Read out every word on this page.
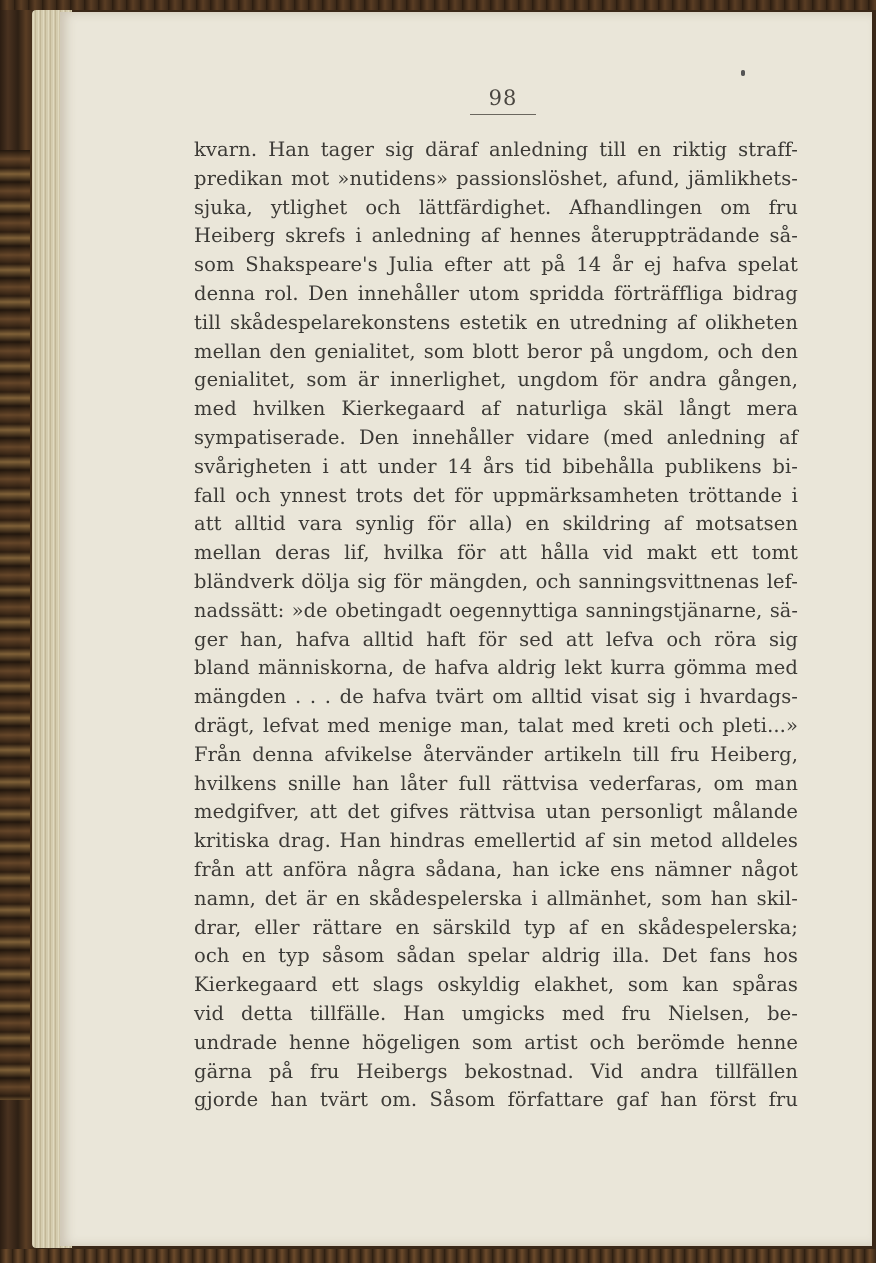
98
kvarn. Han tager sig däraf anledning till en riktig straff-
predikan mot »nutidens» passionslöshet, afund, jämlikhets-
sjuka, ytlighet och lättfärdighet. Afhandlingen om fru
Heiberg skrefs i anledning af hennes återuppträdande så-
som Shakspeare's Julia efter att på 14 år ej hafva spelat
denna rol. Den innehåller utom spridda förträffliga bidrag
till skådespelarekonstens estetik en utredning af olikheten
mellan den genialitet, som blott beror på ungdom, och den
genialitet, som är innerlighet, ungdom för andra gången,
med hvilken Kierkegaard af naturliga skäl långt mera
sympatiserade. Den innehåller vidare (med anledning af
svårigheten i att under 14 års tid bibehålla publikens bi-
fall och ynnest trots det för uppmärksamheten tröttande i
att alltid vara synlig för alla) en skildring af motsatsen
mellan deras lif, hvilka för att hålla vid makt ett tomt
bländverk dölja sig för mängden, och sanningsvittnenas lef-
nadssätt: »de obetingadt oegennyttiga sanningstjänarne, sä-
ger han, hafva alltid haft för sed att lefva och röra sig
bland människorna, de hafva aldrig lekt kurra gömma med
mängden . . . de hafva tvärt om alltid visat sig i hvardags-
drägt, lefvat med menige man, talat med kreti och pleti...»
Från denna afvikelse återvänder artikeln till fru Heiberg,
hvilkens snille han låter full rättvisa vederfaras, om man
medgifver, att det gifves rättvisa utan personligt målande
kritiska drag. Han hindras emellertid af sin metod alldeles
från att anföra några sådana, han icke ens nämner något
namn, det är en skådespelerska i allmänhet, som han skil-
drar, eller rättare en särskild typ af en skådespelerska;
och en typ såsom sådan spelar aldrig illa. Det fans hos
Kierkegaard ett slags oskyldig elakhet, som kan spåras
vid detta tillfälle. Han umgicks med fru Nielsen, be-
undrade henne högeligen som artist och berömde henne
gärna på fru Heibergs bekostnad. Vid andra tillfällen
gjorde han tvärt om. Såsom författare gaf han först fru
